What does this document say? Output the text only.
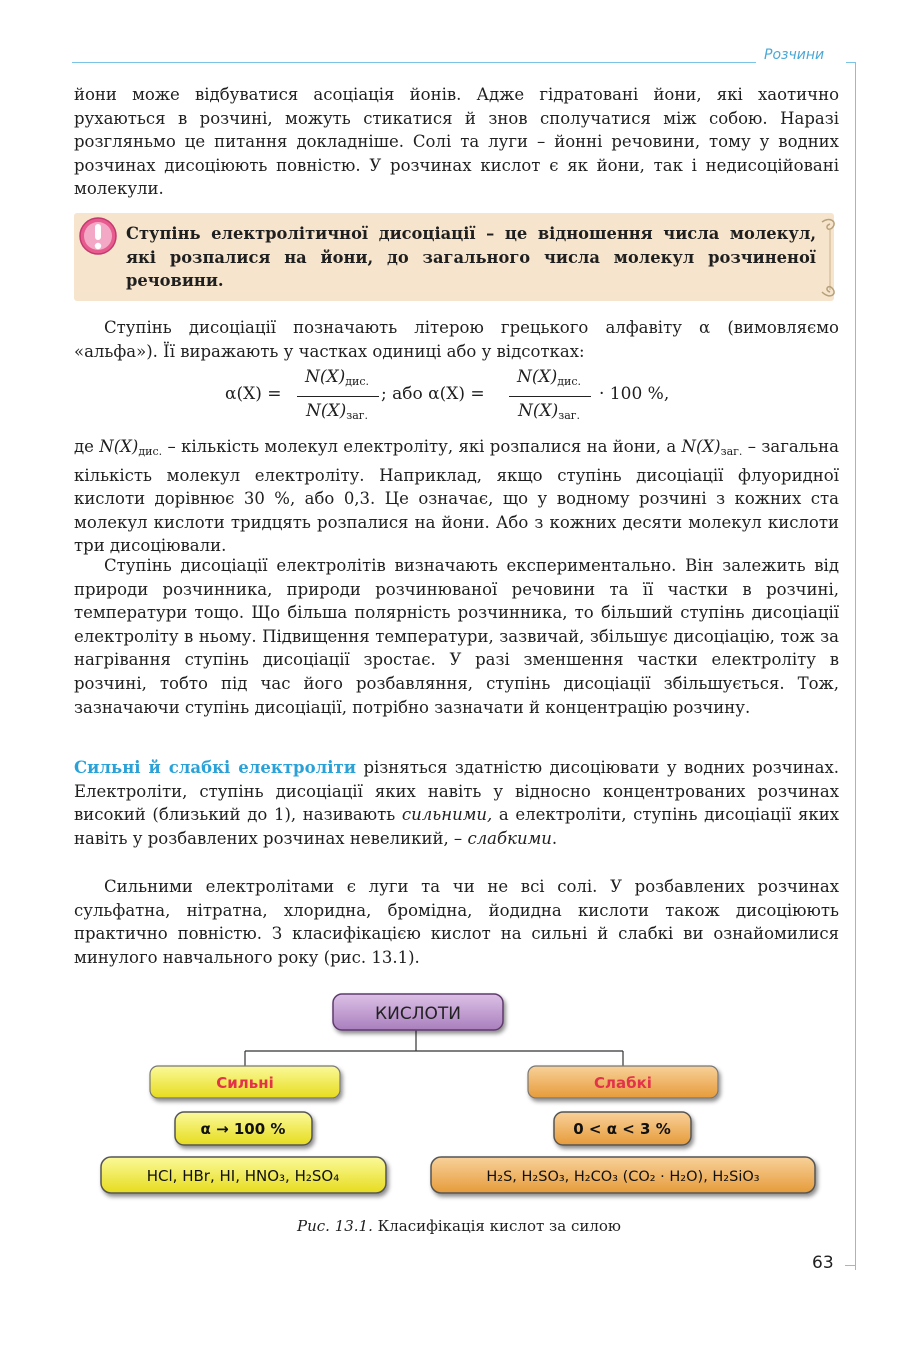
Розчини
йони може відбуватися асоціація йонів. Адже гідратовані йони, які хаотично рухаються в розчині, можуть стикатися й знов сполучатися між собою. Наразі розгляньмо це питання докладніше. Солі та луги – йонні речовини, тому у водних розчинах дисоціюють повністю. У розчинах кислот є як йони, так і недисоційовані молекули.
Ступінь електролітичної дисоціації – це відношення числа молекул, які розпалися на йони, до загального числа молекул розчиненої речовини.
Ступінь дисоціації позначають літерою грецького алфавіту α (вимовляємо «альфа»). Її виражають у частках одиниці або у відсотках:
α(X) =
$N(X)_{дис.}$
$N(X)_{заг.}$
; або α(X) =
$N(X)_{дис.}$
$N(X)_{заг.}$
· 100 %,
де $N(X)_{дис.}$ – кількість молекул електроліту, які розпалися на йони, а $N(X)_{заг.}$ – загальна кількість молекул електроліту. Наприклад, якщо ступінь дисоціації флуоридної кислоти дорівнює 30 %, або 0,3. Це означає, що у водному розчині з кожних ста молекул кислоти тридцять розпалися на йони. Або з кожних десяти молекул кислоти три дисоціювали.
Ступінь дисоціації електролітів визначають експериментально. Він залежить від природи розчинника, природи розчинюваної речовини та її частки в розчині, температури тощо. Що більша полярність розчинника, то більший ступінь дисоціації електроліту в ньому. Підвищення температури, зазвичай, збільшує дисоціацію, тож за нагрівання ступінь дисоціації зростає. У разі зменшення частки електроліту в розчині, тобто під час його розбавляння, ступінь дисоціації збільшується. Тож, зазначаючи ступінь дисоціації, потрібно зазначати й концентрацію розчину.
Сильні й слабкі електроліти різняться здатністю дисоціювати у водних розчинах. Електроліти, ступінь дисоціації яких навіть у відносно концентрованих розчинах високий (близький до 1), називають сильними, а електроліти, ступінь дисоціації яких навіть у розбавлених розчинах невеликий, – слабкими.
Сильними електролітами є луги та чи не всі солі. У розбавлених розчинах сульфатна, нітратна, хлоридна, бромідна, йодидна кислоти також дисоціюють практично повністю. З класифікацією кислот на сильні й слабкі ви ознайомилися минулого навчального року (рис. 13.1).
КИСЛОТИ
Сильні
α → 100 %
HCl, HBr, HI, HNO₃, H₂SO₄
Слабкі
0 < α < 3 %
H₂S, H₂SO₃, H₂CO₃ (CO₂ · H₂O), H₂SiO₃
Рис. 13.1. Класифікація кислот за силою
63
